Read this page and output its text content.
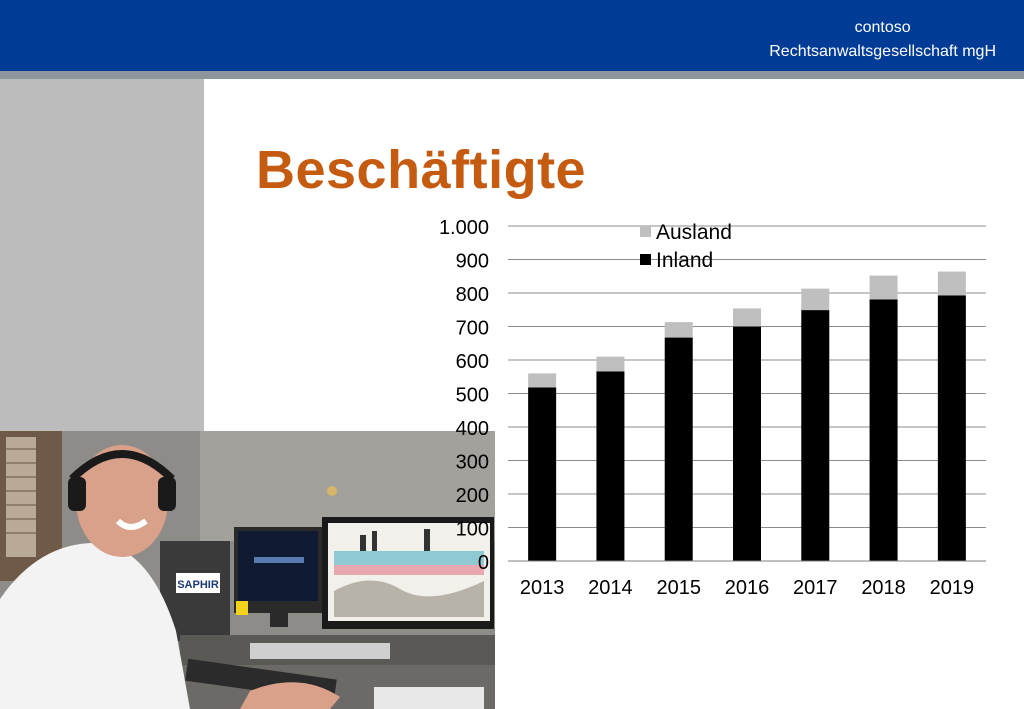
contoso
Rechtsanwaltsgesellschaft mgH
Beschäftigte
SAPHIR
0
100
200
300
400
500
600
700
800
900
1.000
2013 2014 2015 2016 2017 2018 2019
Ausland
Inland
